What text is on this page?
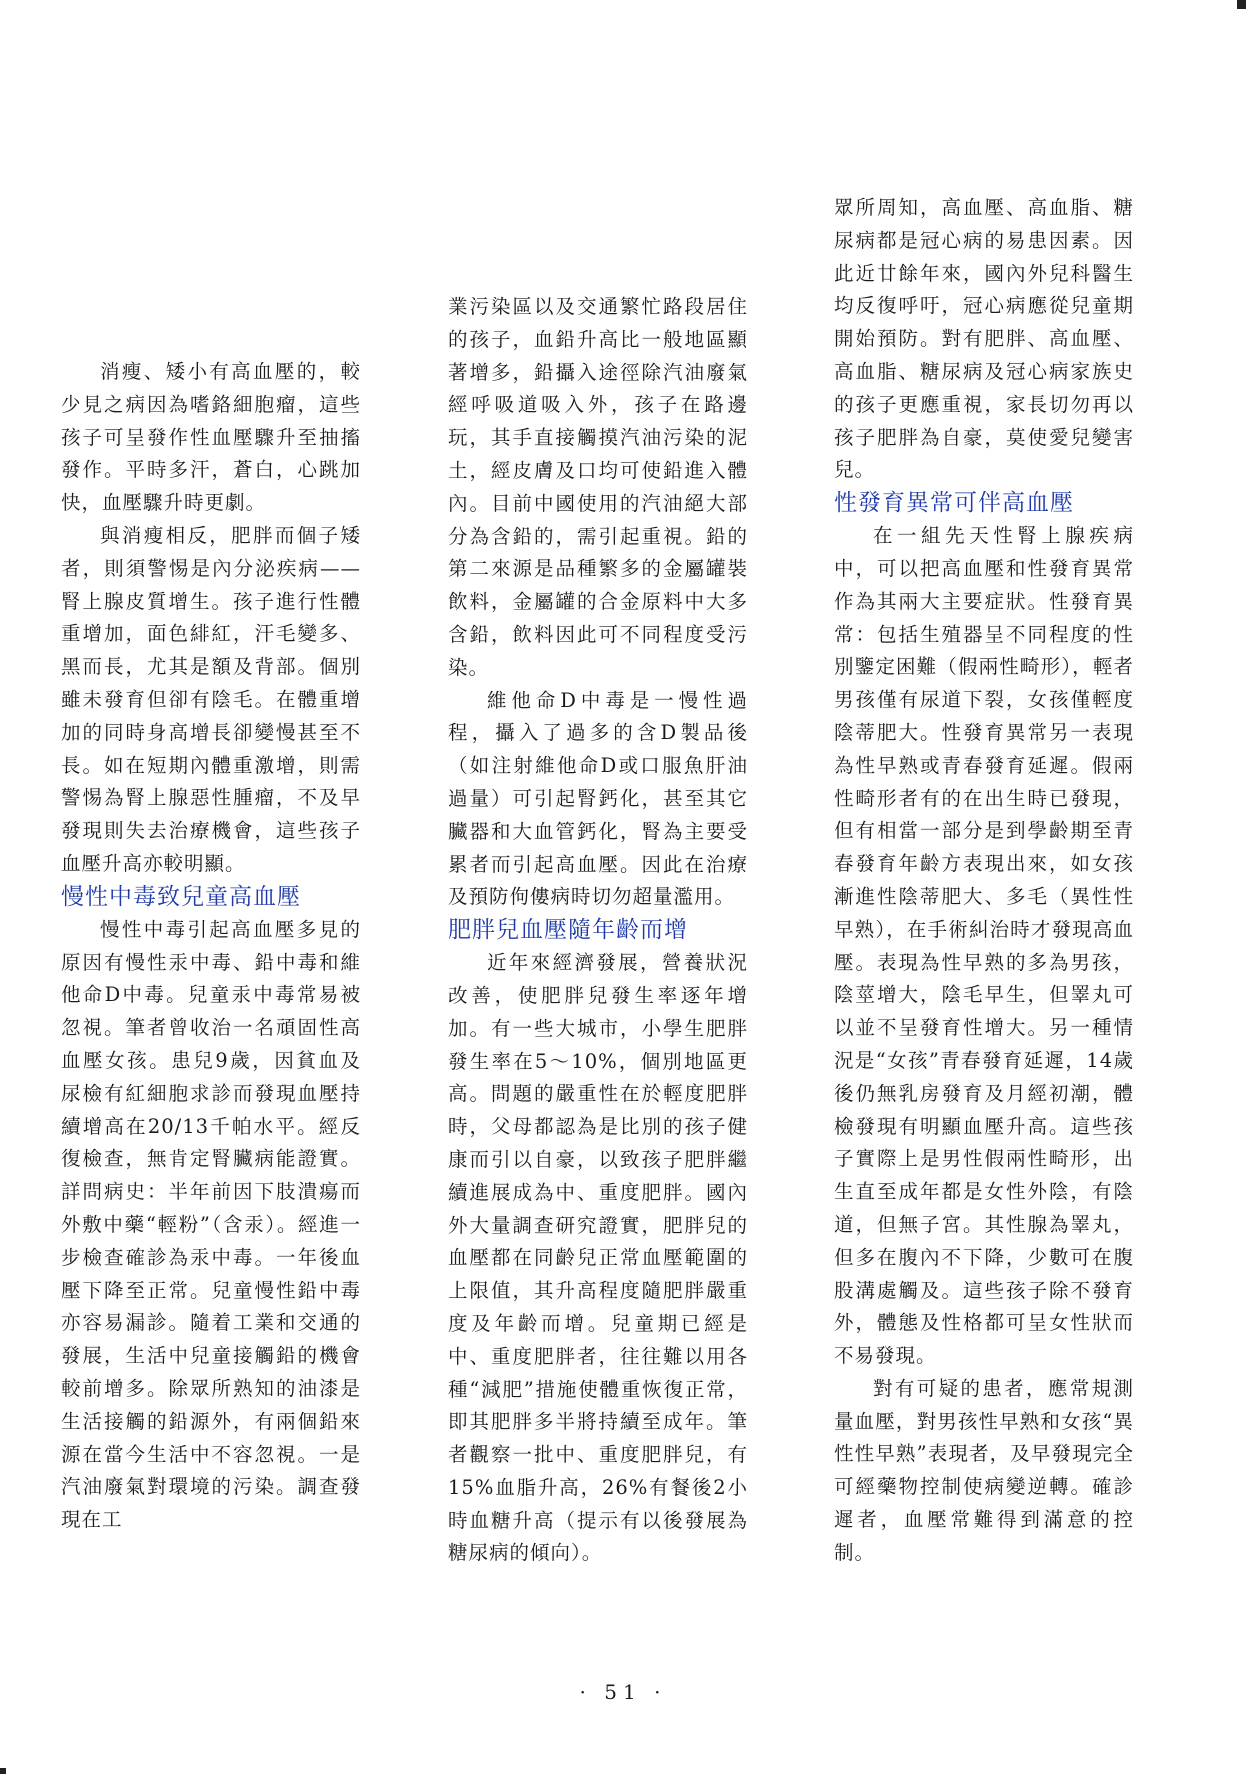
消瘦、矮小有高血壓的，較少見之病因為嗜鉻細胞瘤，這些孩子可呈發作性血壓驟升至抽搐發作。平時多汗，蒼白，心跳加快，血壓驟升時更劇。

與消瘦相反，肥胖而個子矮者，則須警惕是內分泌疾病——腎上腺皮質增生。孩子進行性體重增加，面色緋紅，汗毛變多、黑而長，尤其是額及背部。個別雖未發育但卻有陰毛。在體重增加的同時身高增長卻變慢甚至不長。如在短期內體重激增，則需警惕為腎上腺惡性腫瘤，不及早發現則失去治療機會，這些孩子血壓升高亦較明顯。

慢性中毒致兒童高血壓

慢性中毒引起高血壓多見的原因有慢性汞中毒、鉛中毒和維他命D中毒。兒童汞中毒常易被忽視。筆者曾收治一名頑固性高血壓女孩。患兒9歲，因貧血及尿檢有紅細胞求診而發現血壓持續增高在20/13千帕水平。經反復檢查，無肯定腎臟病能證實。詳問病史：半年前因下肢潰瘍而外敷中藥“輕粉”（含汞）。經進一步檢查確診為汞中毒。一年後血壓下降至正常。兒童慢性鉛中毒亦容易漏診。隨着工業和交通的發展，生活中兒童接觸鉛的機會較前增多。除眾所熟知的油漆是生活接觸的鉛源外，有兩個鉛來源在當今生活中不容忽視。一是汽油廢氣對環境的污染。調查發現在工

業污染區以及交通繁忙路段居住的孩子，血鉛升高比一般地區顯著增多，鉛攝入途徑除汽油廢氣經呼吸道吸入外，孩子在路邊玩，其手直接觸摸汽油污染的泥土，經皮膚及口均可使鉛進入體內。目前中國使用的汽油絕大部分為含鉛的，需引起重視。鉛的第二來源是品種繁多的金屬罐裝飲料，金屬罐的合金原料中大多含鉛，飲料因此可不同程度受污染。

維他命D中毒是一慢性過程，攝入了過多的含D製品後（如注射維他命D或口服魚肝油過量）可引起腎鈣化，甚至其它臟器和大血管鈣化，腎為主要受累者而引起高血壓。因此在治療及預防佝僂病時切勿超量濫用。

肥胖兒血壓隨年齡而增

近年來經濟發展，營養狀況改善，使肥胖兒發生率逐年增加。有一些大城市，小學生肥胖發生率在5～10%，個別地區更高。問題的嚴重性在於輕度肥胖時，父母都認為是比別的孩子健康而引以自豪，以致孩子肥胖繼續進展成為中、重度肥胖。國內外大量調查研究證實，肥胖兒的血壓都在同齡兒正常血壓範圍的上限值，其升高程度隨肥胖嚴重度及年齡而增。兒童期已經是中、重度肥胖者，往往難以用各種“減肥”措施使體重恢復正常，即其肥胖多半將持續至成年。筆者觀察一批中、重度肥胖兒，有15%血脂升高，26%有餐後2小時血糖升高（提示有以後發展為糖尿病的傾向）。

眾所周知，高血壓、高血脂、糖尿病都是冠心病的易患因素。因此近廿餘年來，國內外兒科醫生均反復呼吁，冠心病應從兒童期開始預防。對有肥胖、高血壓、高血脂、糖尿病及冠心病家族史的孩子更應重視，家長切勿再以孩子肥胖為自豪，莫使愛兒變害兒。

性發育異常可伴高血壓

在一組先天性腎上腺疾病中，可以把高血壓和性發育異常作為其兩大主要症狀。性發育異常：包括生殖器呈不同程度的性別鑒定困難（假兩性畸形），輕者男孩僅有尿道下裂，女孩僅輕度陰蒂肥大。性發育異常另一表現為性早熟或青春發育延遲。假兩性畸形者有的在出生時已發現，但有相當一部分是到學齡期至青春發育年齡方表現出來，如女孩漸進性陰蒂肥大、多毛（異性性早熟），在手術糾治時才發現高血壓。表現為性早熟的多為男孩，陰莖增大，陰毛早生，但睪丸可以並不呈發育性增大。另一種情況是“女孩”青春發育延遲，14歲後仍無乳房發育及月經初潮，體檢發現有明顯血壓升高。這些孩子實際上是男性假兩性畸形，出生直至成年都是女性外陰，有陰道，但無子宮。其性腺為睪丸，但多在腹內不下降，少數可在腹股溝處觸及。這些孩子除不發育外，體態及性格都可呈女性狀而不易發現。

對有可疑的患者，應常規測量血壓，對男孩性早熟和女孩“異性性早熟”表現者，及早發現完全可經藥物控制使病變逆轉。確診遲者，血壓常難得到滿意的控制。

· 51 ·
